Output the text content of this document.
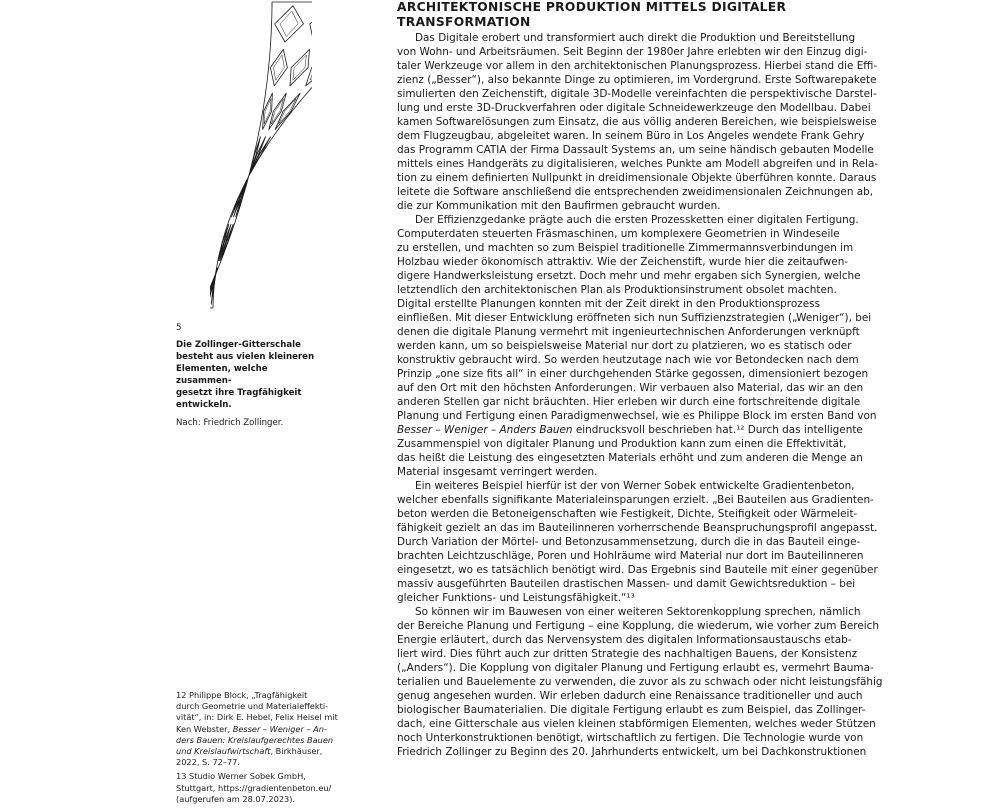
5
Die Zollinger-Gitterschale
besteht aus vielen kleineren
Elementen, welche zusammen-
gesetzt ihre Tragfähigkeit
entwickeln.
Nach: Friedrich Zollinger.
12 Philippe Block, „Tragfähigkeit
durch Geometrie und Materialeffekti-
vität“, in: Dirk E. Hebel, Felix Heisel mit
Ken Webster, Besser – Weniger – An-
ders Bauen: Kreislaufgerechtes Bauen
und Kreislaufwirtschaft, Birkhäuser,
2022, S. 72–77.
13 Studio Werner Sobek GmbH,
Stuttgart, https://gradientenbeton.eu/
(aufgerufen am 28.07.2023).
ARCHITEKTONISCHE PRODUKTION MITTELS DIGITALER
TRANSFORMATION
Das Digitale erobert und transformiert auch direkt die Produktion und Bereitstellung
von Wohn- und Arbeitsräumen. Seit Beginn der 1980er Jahre erlebten wir den Einzug digi-
taler Werkzeuge vor allem in den architektonischen Planungsprozess. Hierbei stand die Effi-
zienz („Besser“), also bekannte Dinge zu optimieren, im Vordergrund. Erste Softwarepakete
simulierten den Zeichenstift, digitale 3D-Modelle vereinfachten die perspektivische Darstel-
lung und erste 3D-Druckverfahren oder digitale Schneidewerkzeuge den Modellbau. Dabei
kamen Softwarelösungen zum Einsatz, die aus völlig anderen Bereichen, wie beispielsweise
dem Flugzeugbau, abgeleitet waren. In seinem Büro in Los Angeles wendete Frank Gehry
das Programm CATIA der Firma Dassault Systems an, um seine händisch gebauten Modelle
mittels eines Handgeräts zu digitalisieren, welches Punkte am Modell abgreifen und in Rela-
tion zu einem definierten Nullpunkt in dreidimensionale Objekte überführen konnte. Daraus
leitete die Software anschließend die entsprechenden zweidimensionalen Zeichnungen ab,
die zur Kommunikation mit den Baufirmen gebraucht wurden.
Der Effizienzgedanke prägte auch die ersten Prozessketten einer digitalen Fertigung.
Computerdaten steuerten Fräsmaschinen, um komplexere Geometrien in Windeseile
zu erstellen, und machten so zum Beispiel traditionelle Zimmermannsverbindungen im
Holzbau wieder ökonomisch attraktiv. Wie der Zeichenstift, wurde hier die zeitaufwen-
digere Handwerksleistung ersetzt. Doch mehr und mehr ergaben sich Synergien, welche
letztendlich den architektonischen Plan als Produktionsinstrument obsolet machten.
Digital erstellte Planungen konnten mit der Zeit direkt in den Produktionsprozess
einfließen. Mit dieser Entwicklung eröffneten sich nun Suffizienzstrategien („Weniger“), bei
denen die digitale Planung vermehrt mit ingenieurtechnischen Anforderungen verknüpft
werden kann, um so beispielsweise Material nur dort zu platzieren, wo es statisch oder
konstruktiv gebraucht wird. So werden heutzutage nach wie vor Betondecken nach dem
Prinzip „one size fits all“ in einer durchgehenden Stärke gegossen, dimensioniert bezogen
auf den Ort mit den höchsten Anforderungen. Wir verbauen also Material, das wir an den
anderen Stellen gar nicht bräuchten. Hier erleben wir durch eine fortschreitende digitale
Planung und Fertigung einen Paradigmenwechsel, wie es Philippe Block im ersten Band von
Besser – Weniger – Anders Bauen eindrucksvoll beschrieben hat.¹² Durch das intelligente
Zusammenspiel von digitaler Planung und Produktion kann zum einen die Effektivität,
das heißt die Leistung des eingesetzten Materials erhöht und zum anderen die Menge an
Material insgesamt verringert werden.
Ein weiteres Beispiel hierfür ist der von Werner Sobek entwickelte Gradientenbeton,
welcher ebenfalls signifikante Materialeinsparungen erzielt. „Bei Bauteilen aus Gradienten-
beton werden die Betoneigenschaften wie Festigkeit, Dichte, Steifigkeit oder Wärmeleit-
fähigkeit gezielt an das im Bauteilinneren vorherrschende Beanspruchungsprofil angepasst.
Durch Variation der Mörtel- und Betonzusammensetzung, durch die in das Bauteil einge-
brachten Leichtzuschläge, Poren und Hohlräume wird Material nur dort im Bauteilinneren
eingesetzt, wo es tatsächlich benötigt wird. Das Ergebnis sind Bauteile mit einer gegenüber
massiv ausgeführten Bauteilen drastischen Massen- und damit Gewichtsreduktion – bei
gleicher Funktions- und Leistungsfähigkeit.“¹³
So können wir im Bauwesen von einer weiteren Sektorenkopplung sprechen, nämlich
der Bereiche Planung und Fertigung – eine Kopplung, die wiederum, wie vorher zum Bereich
Energie erläutert, durch das Nervensystem des digitalen Informationsaustauschs etab-
liert wird. Dies führt auch zur dritten Strategie des nachhaltigen Bauens, der Konsistenz
(„Anders“). Die Kopplung von digitaler Planung und Fertigung erlaubt es, vermehrt Bauma-
terialien und Bauelemente zu verwenden, die zuvor als zu schwach oder nicht leistungsfähig
genug angesehen wurden. Wir erleben dadurch eine Renaissance traditioneller und auch
biologischer Baumaterialien. Die digitale Fertigung erlaubt es zum Beispiel, das Zollinger-
dach, eine Gitterschale aus vielen kleinen stabförmigen Elementen, welches weder Stützen
noch Unterkonstruktionen benötigt, wirtschaftlich zu fertigen. Die Technologie wurde von
Friedrich Zollinger zu Beginn des 20. Jahrhunderts entwickelt, um bei Dachkonstruktionen
